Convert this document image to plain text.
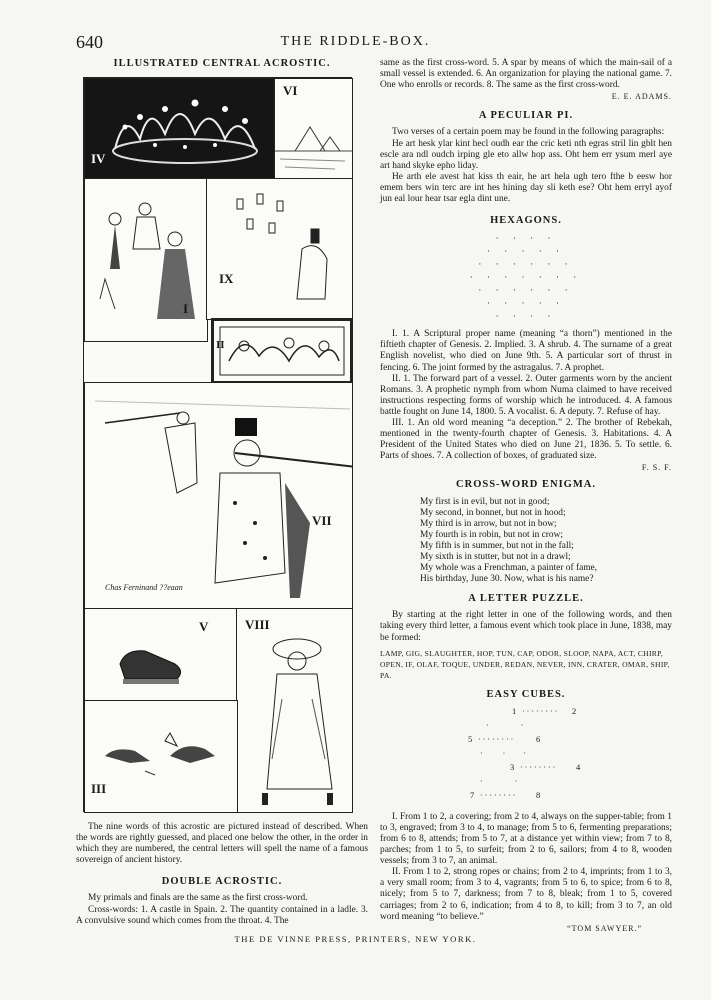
640	THE RIDDLE-BOX.
ILLUSTRATED CENTRAL ACROSTIC.
IV
VI
I
IX
II
VII
Chas Ferninand ??eaan
V	VIII
III

The nine words of this acrostic are pictured instead of described. When the words are rightly guessed, and placed one below the other, in the order in which they are numbered, the central letters will spell the name of a famous sovereign of ancient history.

DOUBLE ACROSTIC.

My primals and finals are the same as the first cross-word.

Cross-words: 1. A castle in Spain. 2. The quantity contained in a ladle. 3. A convulsive sound which comes from the throat. 4. The

same as the first cross-word. 5. A spar by means of which the main-sail of a small vessel is extended. 6. An organization for playing the national game. 7. One who enrolls or records. 8. The same as the first cross-word.

E. E. ADAMS.
A PECULIAR PI.

Two verses of a certain poem may be found in the following paragraphs:

He art hesk ylar kint hecl oudh ear the cric keti nth egras stril lin gblt hen escle ara ndl oudch irping gle eto allw hop ass. Oht hem err ysum merl aye art hand skyke epho liday.

He arth ele avest hat kiss th eair, he art hela ugh tero fthe b eesw hor emem bers win terc are int hes hining day sli keth ese? Oht hem erryl ayof jun eal lour hear tsar egla dint une.

HEXAGONS.
· · · ·
· · · · ·
· · · · · ·
· · · · · · ·
· · · · · ·
· · · · ·
· · · ·

I. 1. A Scriptural proper name (meaning “a thorn”) mentioned in the fiftieth chapter of Genesis. 2. Implied. 3. A shrub. 4. The surname of a great English novelist, who died on June 9th. 5. A particular sort of thrust in fencing. 6. The joint formed by the astragalus. 7. A prophet.

II. 1. The forward part of a vessel. 2. Outer garments worn by the ancient Romans. 3. A prophetic nymph from whom Numa claimed to have received instructions respecting forms of worship which he introduced. 4. A famous battle fought on June 14, 1800. 5. A vocalist. 6. A deputy. 7. Refuse of hay.

III. 1. An old word meaning “a deception.” 2. The brother of Rebekah, mentioned in the twenty-fourth chapter of Genesis. 3. Habitations. 4. A President of the United States who died on June 21, 1836. 5. To settle. 6. Parts of shoes. 7. A collection of boxes, of graduated size.

F. S. F.
CROSS-WORD ENIGMA.
My first is in evil, but not in good;
My second, in bonnet, but not in hood;
My third is in arrow, but not in bow;
My fourth is in robin, but not in crow;
My fifth is in summer, but not in the fall;
My sixth is in stutter, but not in a drawl;
My whole was a Frenchman, a painter of fame,
His birthday, June 30. Now, what is his name?
A LETTER PUZZLE.

By starting at the right letter in one of the following words, and then taking every third letter, a famous event which took place in June, 1838, may be formed:

LAMP, GIG, SLAUGHTER, HOP, TUN, CAP, ODOR, SLOOP, NAPA, ACT, CHIRP, OPEN, IF, OLAF, TOQUE, UNDER, REDAN, NEVER, INN, CRATER, OMAR, SHIP, PA.

EASY CUBES.
1 · · · · · · · · 2
·                ·
5 · · · · · · · ·	6
·          ·         ·
3 · · · · · · · · 4
·                ·
7 · · · · · · · · 8

I. From 1 to 2, a covering; from 2 to 4, always on the supper-table; from 1 to 3, engraved; from 3 to 4, to manage; from 5 to 6, fermenting preparations; from 6 to 8, attends; from 5 to 7, at a distance yet within view; from 7 to 8, parches; from 1 to 5, to surfeit; from 2 to 6, sailors; from 4 to 8, wooden vessels; from 3 to 7, an animal.

II. From 1 to 2, strong ropes or chains; from 2 to 4, imprints; from 1 to 3, a very small room; from 3 to 4, vagrants; from 5 to 6, to spice; from 6 to 8, nicely; from 5 to 7, darkness; from 7 to 8, bleak; from 1 to 5, covered carriages; from 2 to 6, indication; from 4 to 8, to kill; from 3 to 7, an old word meaning “to believe.”

“TOM SAWYER.”
THE DE VINNE PRESS, PRINTERS, NEW YORK.
